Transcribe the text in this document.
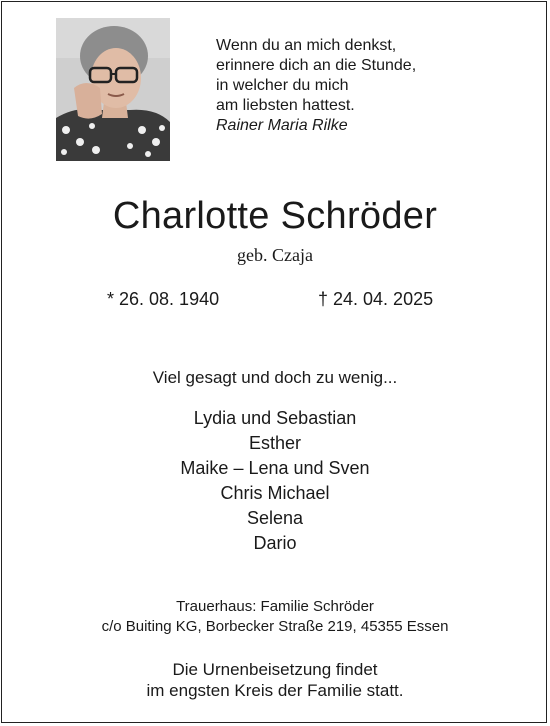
Wenn du an mich denkst,
erinnere dich an die Stunde,
in welcher du mich
am liebsten hattest.
Rainer Maria Rilke
Charlotte Schröder
geb. Czaja
* 26. 08. 1940	† 24. 04. 2025
Viel gesagt und doch zu wenig...
Lydia und Sebastian
Esther
Maike – Lena und Sven
Chris Michael
Selena
Dario
Trauerhaus: Familie Schröder
c/o Buiting KG, Borbecker Straße 219, 45355 Essen
Die Urnenbeisetzung findet
im engsten Kreis der Familie statt.
